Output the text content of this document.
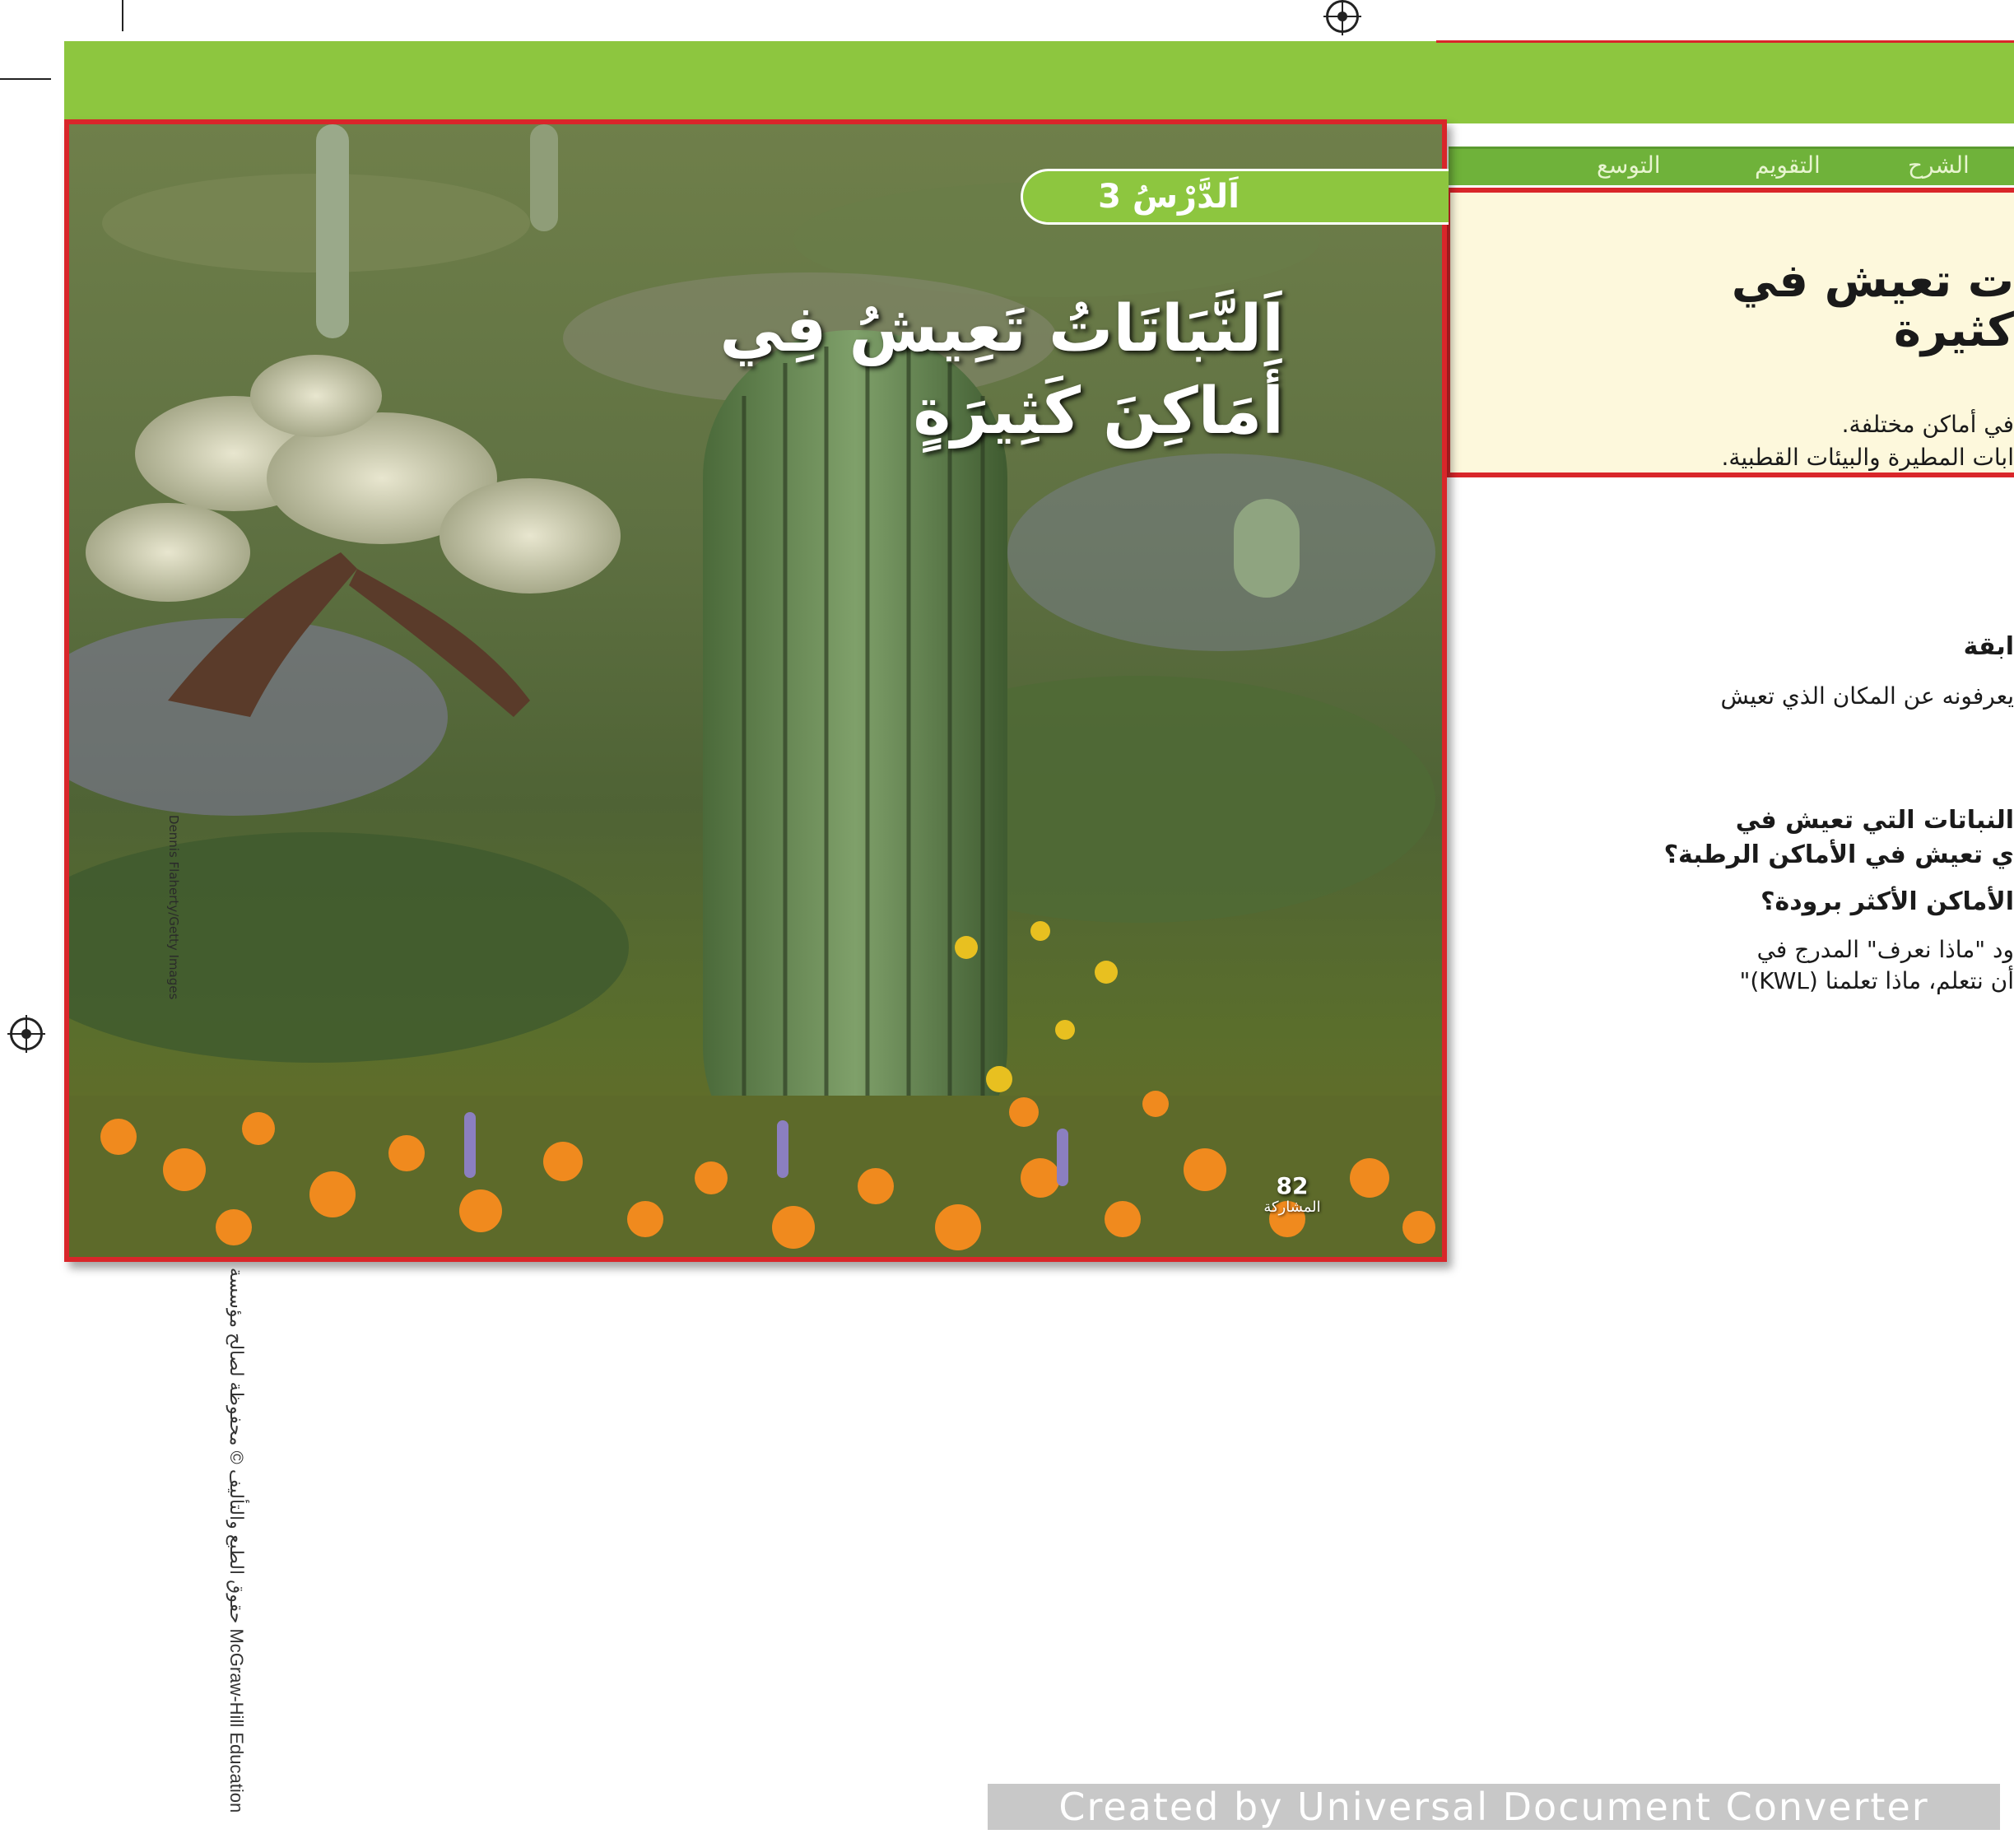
الشرح
التقويم
التوسع
ت تعيش في
كثيرة
في أماكن مختلفة.
ابات المطيرة والبيئات القطبية.
ابقة
يعرفونه عن المكان الذي تعيش
النباتات التي تعيش في
ي تعيش في الأماكن الرطبة؟
الأماكن الأكثر برودة؟
ود "ماذا نعرف" المدرج في
أن نتعلم، ماذا تعلمنا (KWL)"
اَلدَّرْسُ 3
اَلنَّبَاتَاتُ تَعِيشُ فِي
أَمَاكِنَ كَثِيرَةٍ
82
المشاركة
Dennis Flaherty/Getty Images
حقوق الطبع والتأليف © محفوظة لصالح مؤسسة McGraw-Hill Education	Created by Universal Document Converter
